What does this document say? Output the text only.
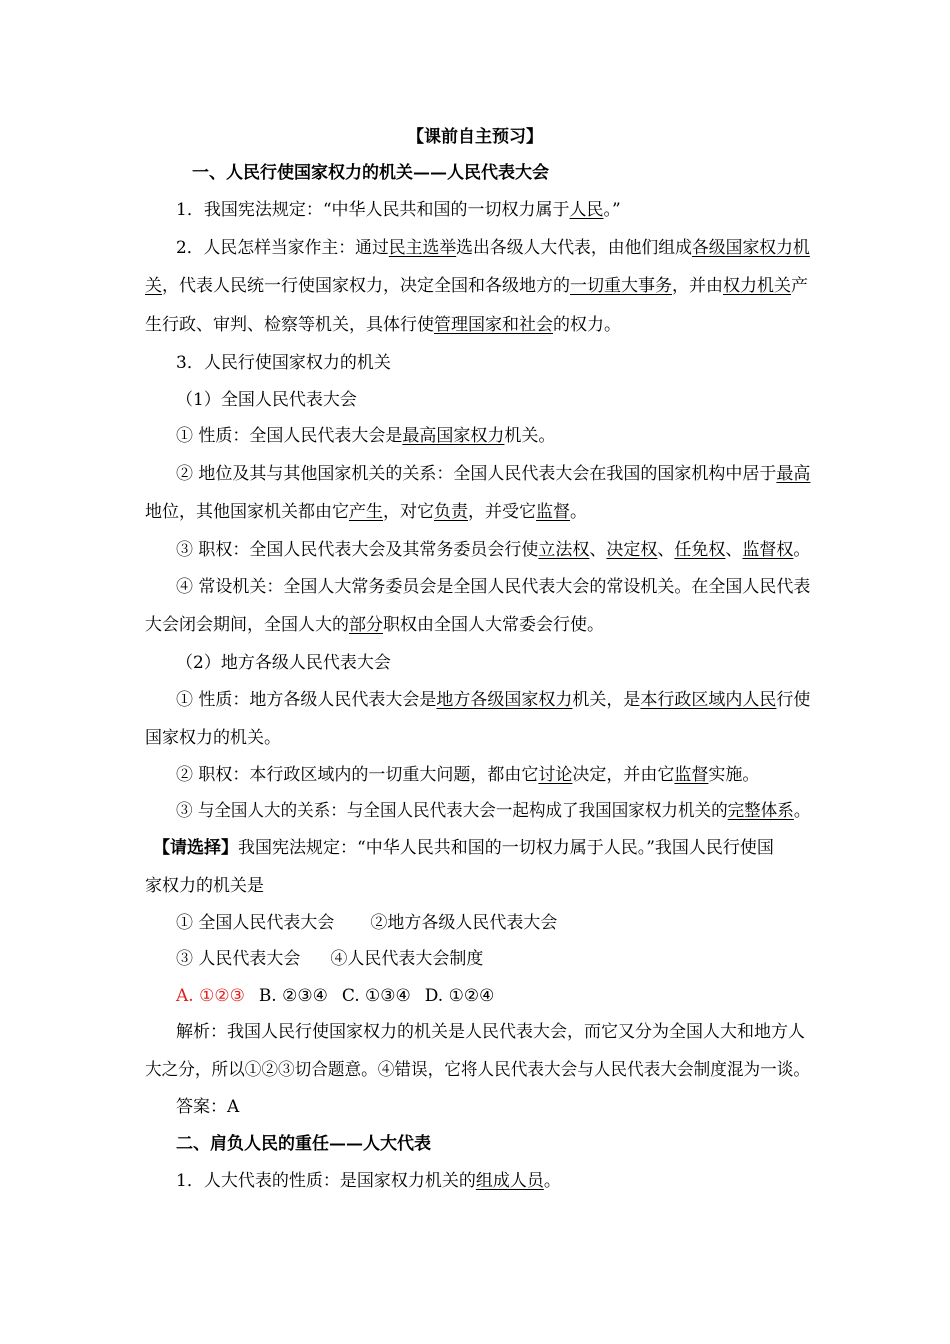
【课前自主预习】
一、人民行使国家权力的机关——人民代表大会
1．我国宪法规定：“中华人民共和国的一切权力属于人民。”
2．人民怎样当家作主：通过民主选举选出各级人大代表，由他们组成各级国家权力机
关，代表人民统一行使国家权力，决定全国和各级地方的一切重大事务，并由权力机关产
生行政、审判、检察等机关，具体行使管理国家和社会的权力。
3．人民行使国家权力的机关
（1）全国人民代表大会
① 性质：全国人民代表大会是最高国家权力机关。
② 地位及其与其他国家机关的关系：全国人民代表大会在我国的国家机构中居于最高
地位，其他国家机关都由它产生，对它负责，并受它监督。
③ 职权：全国人民代表大会及其常务委员会行使立法权、决定权、任免权、监督权。
④ 常设机关：全国人大常务委员会是全国人民代表大会的常设机关。在全国人民代表
大会闭会期间，全国人大的部分职权由全国人大常委会行使。
（2）地方各级人民代表大会
① 性质：地方各级人民代表大会是地方各级国家权力机关，是本行政区域内人民行使
国家权力的机关。
② 职权：本行政区域内的一切重大问题，都由它讨论决定，并由它监督实施。
③ 与全国人大的关系：与全国人民代表大会一起构成了我国国家权力机关的完整体系。
【请选择】我国宪法规定：“中华人民共和国的一切权力属于人民。”我国人民行使国
家权力的机关是
① 全国人民代表大会 ②地方各级人民代表大会
③ 人民代表大会 ④人民代表大会制度
A. ①②③ B. ②③④ C. ①③④ D. ①②④
解析：我国人民行使国家权力的机关是人民代表大会，而它又分为全国人大和地方人
大之分，所以①②③切合题意。④错误，它将人民代表大会与人民代表大会制度混为一谈。
答案：A
二、肩负人民的重任——人大代表
1．人大代表的性质：是国家权力机关的组成人员。
